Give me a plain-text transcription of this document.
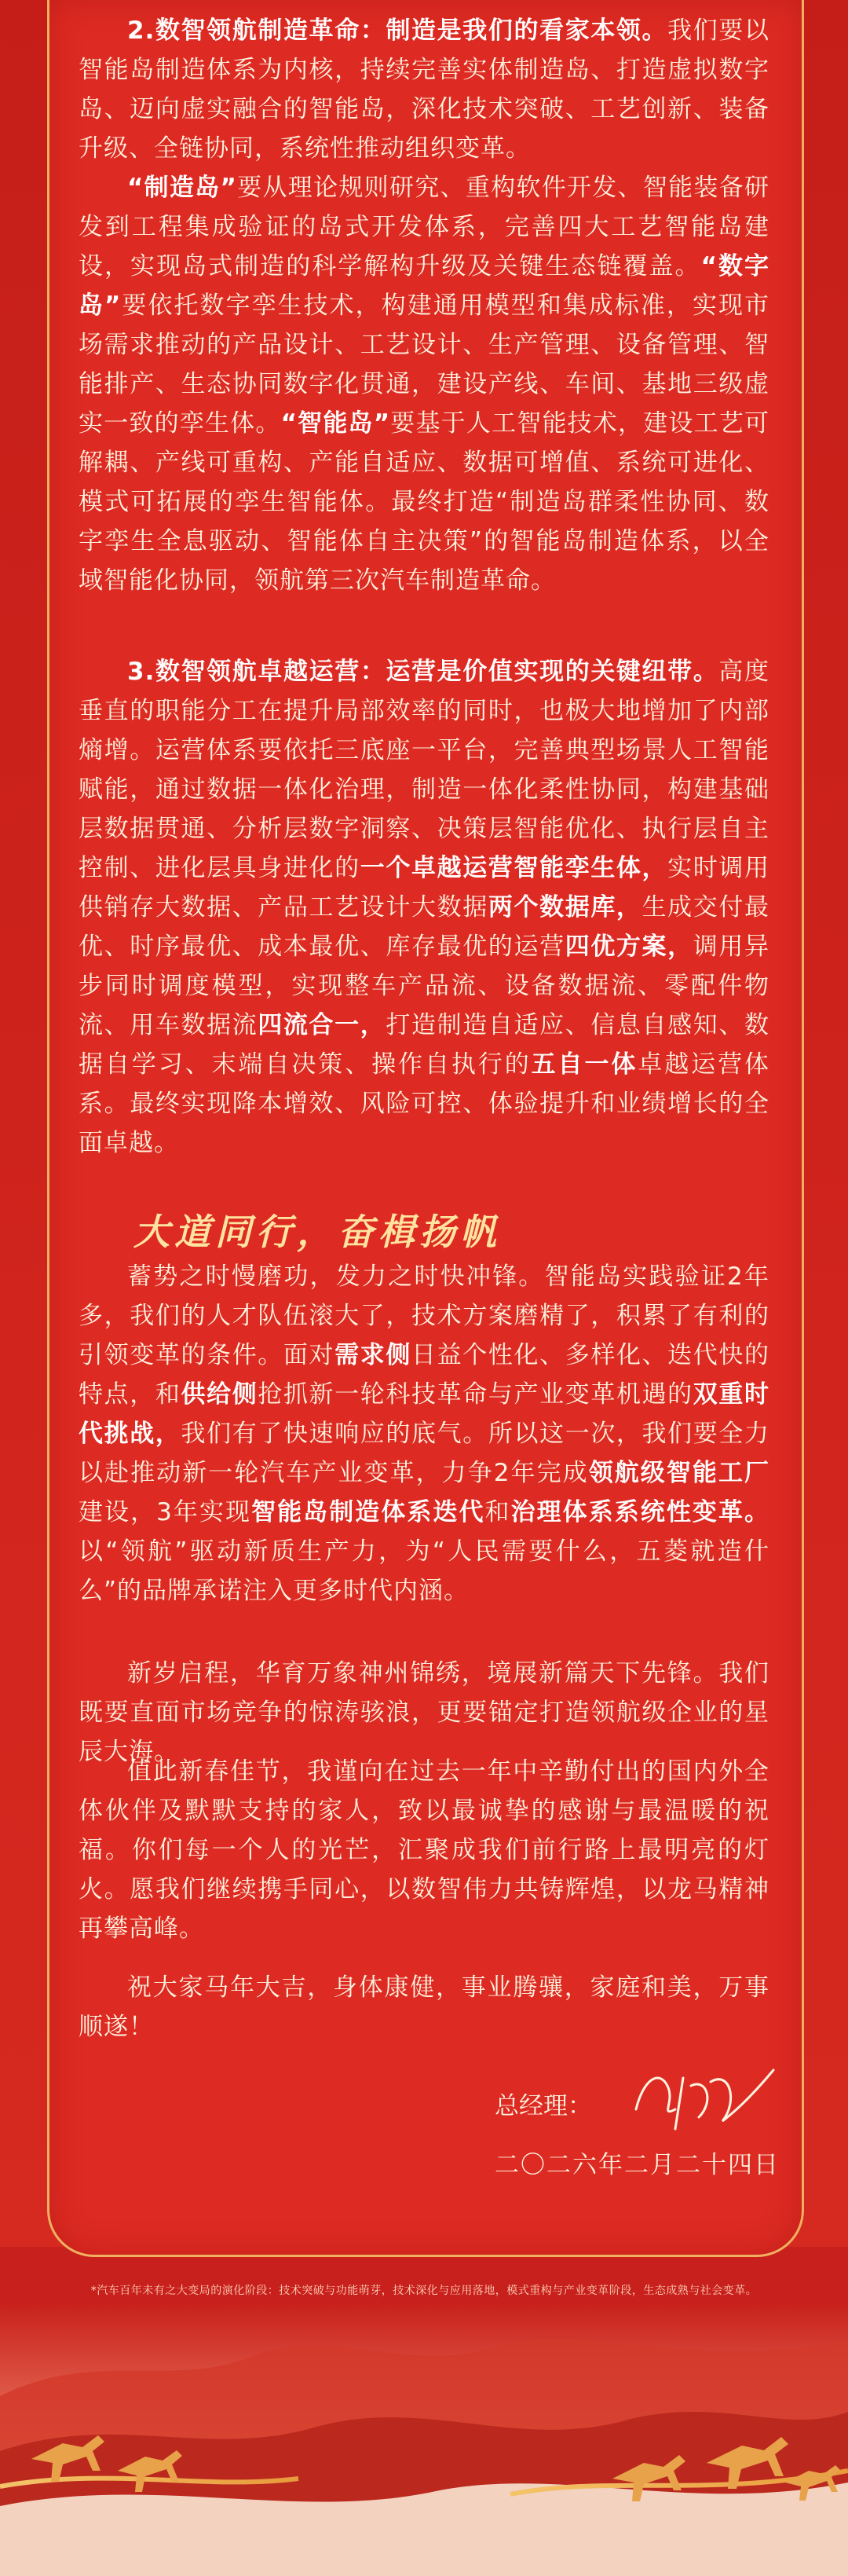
2.数智领航制造革命：制造是我们的看家本领。我们要以智能岛制造体系为内核，持续完善实体制造岛、打造虚拟数字岛、迈向虚实融合的智能岛，深化技术突破、工艺创新、装备升级、全链协同，系统性推动组织变革。

“制造岛”要从理论规则研究、重构软件开发、智能装备研发到工程集成验证的岛式开发体系，完善四大工艺智能岛建设，实现岛式制造的科学解构升级及关键生态链覆盖。“数字岛”要依托数字孪生技术，构建通用模型和集成标准，实现市场需求推动的产品设计、工艺设计、生产管理、设备管理、智能排产、生态协同数字化贯通，建设产线、车间、基地三级虚实一致的孪生体。“智能岛”要基于人工智能技术，建设工艺可解耦、产线可重构、产能自适应、数据可增值、系统可进化、模式可拓展的孪生智能体。最终打造“制造岛群柔性协同、数字孪生全息驱动、智能体自主决策”的智能岛制造体系，以全域智能化协同，领航第三次汽车制造革命。

3.数智领航卓越运营：运营是价值实现的关键纽带。高度垂直的职能分工在提升局部效率的同时，也极大地增加了内部熵增。运营体系要依托三底座一平台，完善典型场景人工智能赋能，通过数据一体化治理，制造一体化柔性协同，构建基础层数据贯通、分析层数字洞察、决策层智能优化、执行层自主控制、进化层具身进化的一个卓越运营智能孪生体，实时调用供销存大数据、产品工艺设计大数据两个数据库，生成交付最优、时序最优、成本最优、库存最优的运营四优方案，调用异步同时调度模型，实现整车产品流、设备数据流、零配件物流、用车数据流四流合一，打造制造自适应、信息自感知、数据自学习、末端自决策、操作自执行的五自一体卓越运营体系。最终实现降本增效、风险可控、体验提升和业绩增长的全面卓越。

大道同行，奋楫扬帆

蓄势之时慢磨功，发力之时快冲锋。智能岛实践验证2年多，我们的人才队伍滚大了，技术方案磨精了，积累了有利的引领变革的条件。面对需求侧日益个性化、多样化、迭代快的特点，和供给侧抢抓新一轮科技革命与产业变革机遇的双重时代挑战，我们有了快速响应的底气。所以这一次，我们要全力以赴推动新一轮汽车产业变革，力争2年完成领航级智能工厂建设，3年实现智能岛制造体系迭代和治理体系系统性变革。以“领航”驱动新质生产力，为“人民需要什么，五菱就造什么”的品牌承诺注入更多时代内涵。

新岁启程，华育万象神州锦绣，境展新篇天下先锋。我们既要直面市场竞争的惊涛骇浪，更要锚定打造领航级企业的星辰大海。

值此新春佳节，我谨向在过去一年中辛勤付出的国内外全体伙伴及默默支持的家人，致以最诚挚的感谢与最温暖的祝福。你们每一个人的光芒，汇聚成我们前行路上最明亮的灯火。愿我们继续携手同心，以数智伟力共铸辉煌，以龙马精神再攀高峰。

祝大家马年大吉，身体康健，事业腾骧，家庭和美，万事顺遂！

总经理：
二〇二六年二月二十四日
*汽车百年未有之大变局的演化阶段：技术突破与功能萌芽，技术深化与应用落地，模式重构与产业变革阶段，生态成熟与社会变革。
